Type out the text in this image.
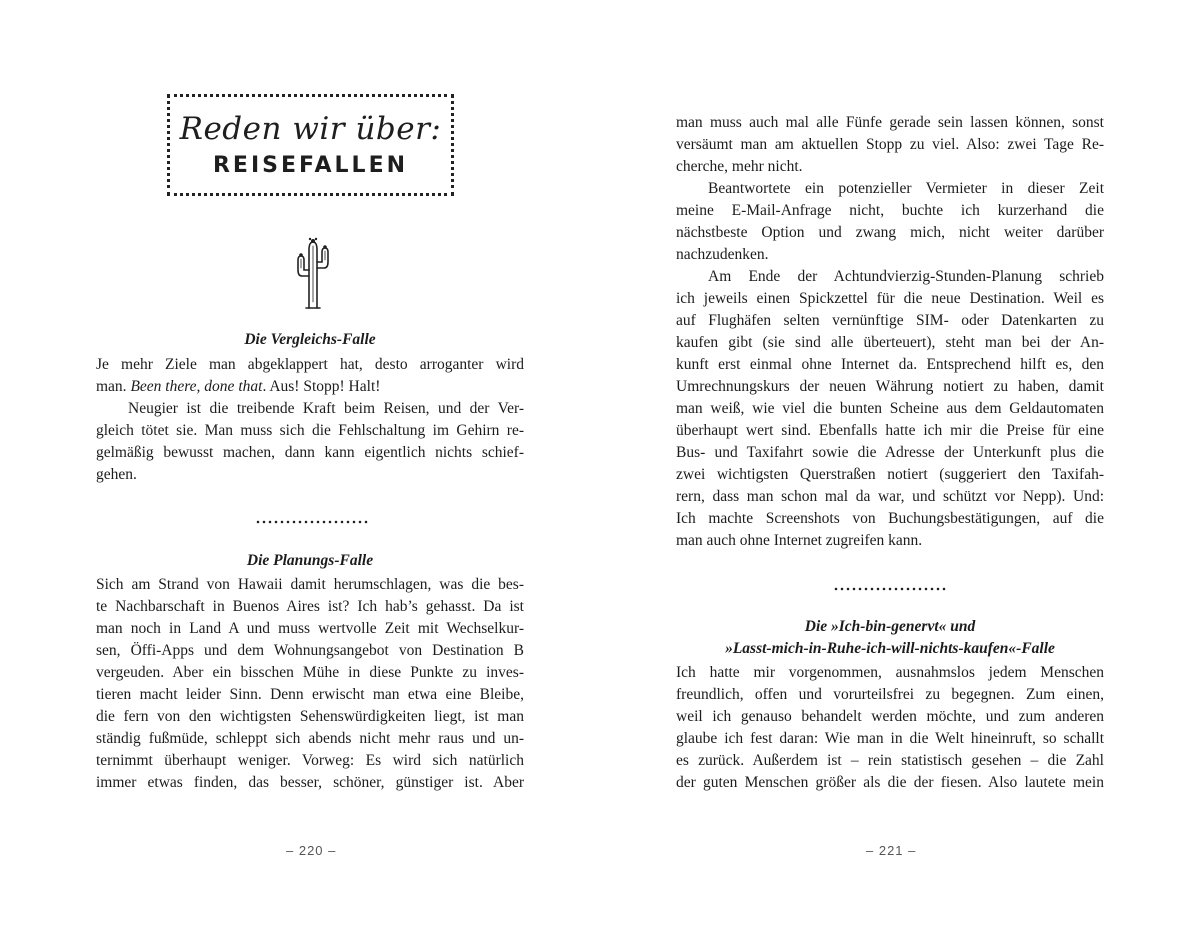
Reden wir über:
REISEFALLEN
Die Vergleichs-Falle
Je mehr Ziele man abgeklappert hat, desto arroganter wird
man. Been there, done that. Aus! Stopp! Halt!
Neugier ist die treibende Kraft beim Reisen, und der Ver-
gleich tötet sie. Man muss sich die Fehlschaltung im Gehirn re-
gelmäßig bewusst machen, dann kann eigentlich nichts schief-
gehen.
Die Planungs-Falle
Sich am Strand von Hawaii damit herumschlagen, was die bes-
te Nachbarschaft in Buenos Aires ist? Ich hab’s gehasst. Da ist
man noch in Land A und muss wertvolle Zeit mit Wechselkur-
sen, Öffi-Apps und dem Wohnungsangebot von Destination B
vergeuden. Aber ein bisschen Mühe in diese Punkte zu inves-
tieren macht leider Sinn. Denn erwischt man etwa eine Bleibe,
die fern von den wichtigsten Sehenswürdigkeiten liegt, ist man
ständig fußmüde, schleppt sich abends nicht mehr raus und un-
ternimmt überhaupt weniger. Vorweg: Es wird sich natürlich
immer etwas finden, das besser, schöner, günstiger ist. Aber
– 220 –
man muss auch mal alle Fünfe gerade sein lassen können, sonst
versäumt man am aktuellen Stopp zu viel. Also: zwei Tage Re-
cherche, mehr nicht.
Beantwortete ein potenzieller Vermieter in dieser Zeit
meine E-Mail-Anfrage nicht, buchte ich kurzerhand die
nächstbeste Option und zwang mich, nicht weiter darüber
nachzudenken.
Am Ende der Achtundvierzig-Stunden-Planung schrieb
ich jeweils einen Spickzettel für die neue Destination. Weil es
auf Flughäfen selten vernünftige SIM- oder Datenkarten zu
kaufen gibt (sie sind alle überteuert), steht man bei der An-
kunft erst einmal ohne Internet da. Entsprechend hilft es, den
Umrechnungskurs der neuen Währung notiert zu haben, damit
man weiß, wie viel die bunten Scheine aus dem Geldautomaten
überhaupt wert sind. Ebenfalls hatte ich mir die Preise für eine
Bus- und Taxifahrt sowie die Adresse der Unterkunft plus die
zwei wichtigsten Querstraßen notiert (suggeriert den Taxifah-
rern, dass man schon mal da war, und schützt vor Nepp). Und:
Ich machte Screenshots von Buchungsbestätigungen, auf die
man auch ohne Internet zugreifen kann.
Die »Ich-bin-genervt« und
»Lasst-mich-in-Ruhe-ich-will-nichts-kaufen«-Falle
Ich hatte mir vorgenommen, ausnahmslos jedem Menschen
freundlich, offen und vorurteilsfrei zu begegnen. Zum einen,
weil ich genauso behandelt werden möchte, und zum anderen
glaube ich fest daran: Wie man in die Welt hineinruft, so schallt
es zurück. Außerdem ist – rein statistisch gesehen – die Zahl
der guten Menschen größer als die der fiesen. Also lautete mein
– 221 –
